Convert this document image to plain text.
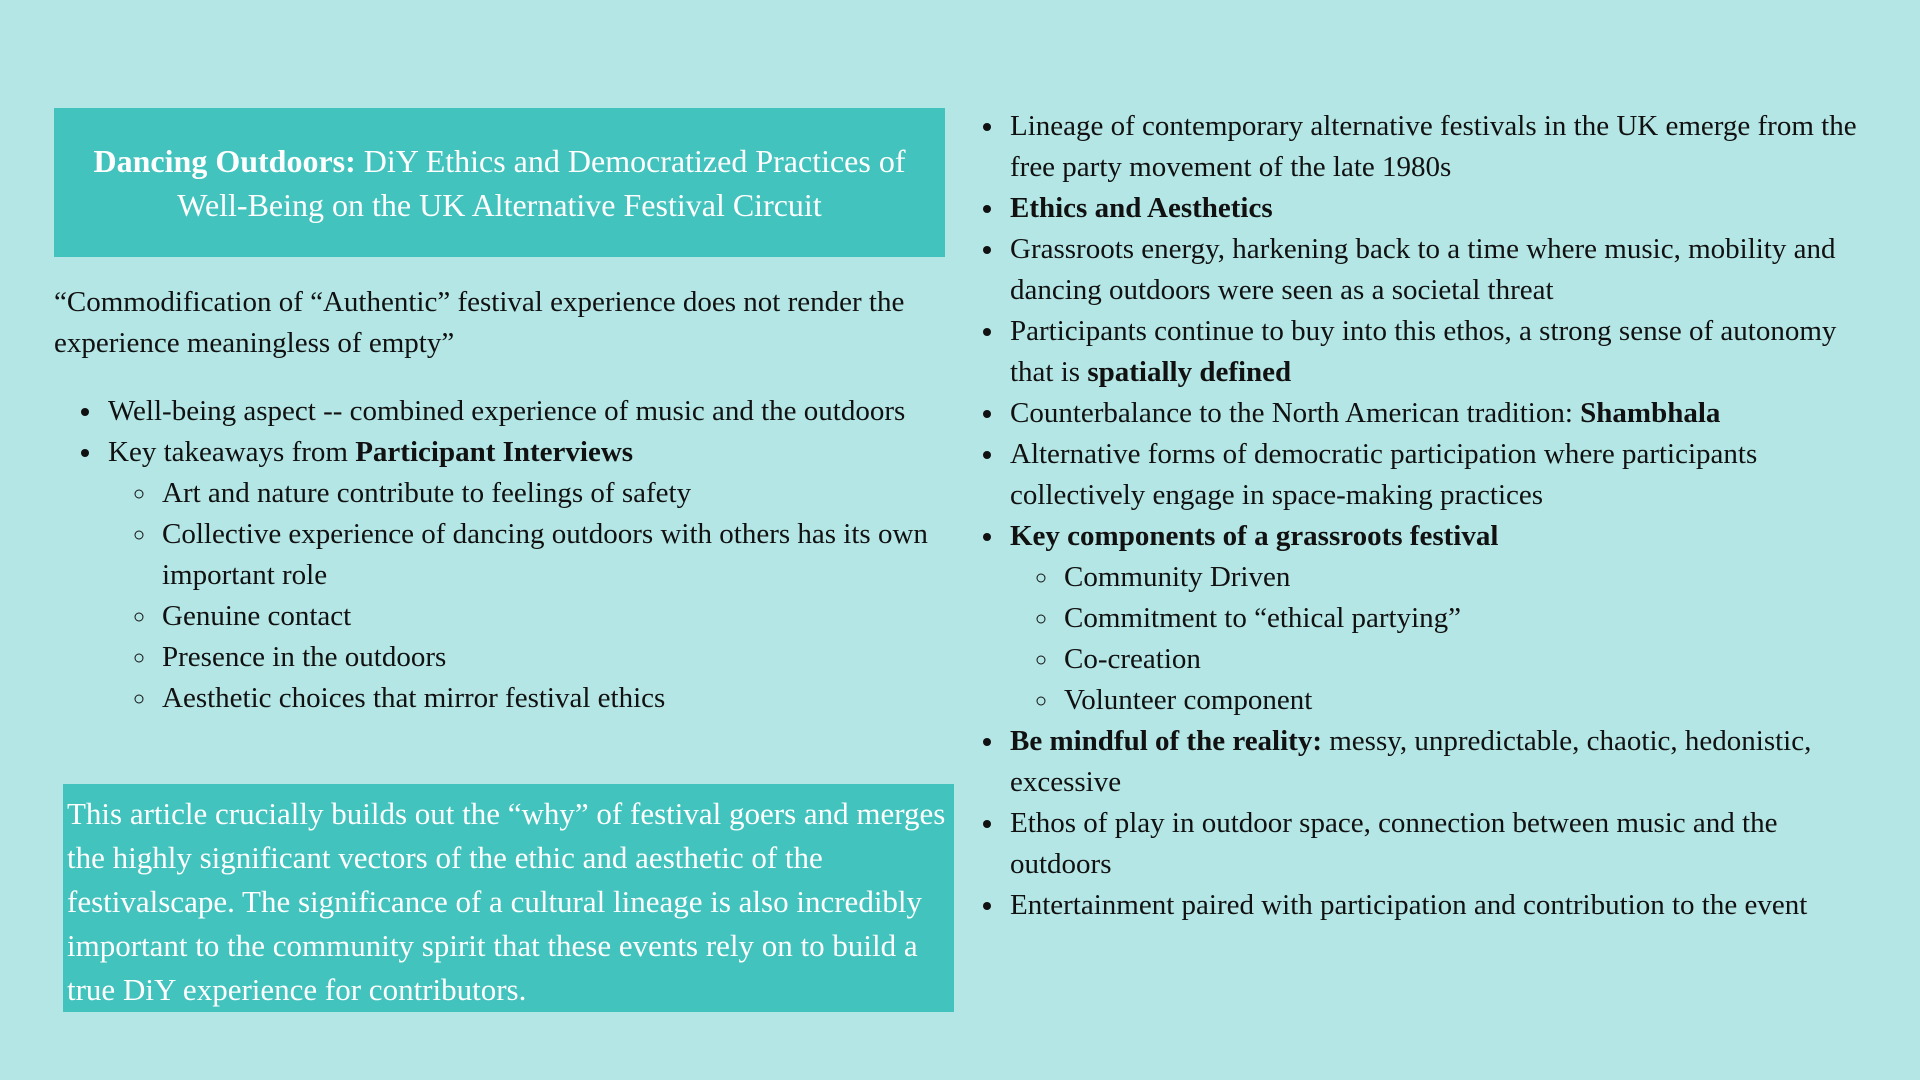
Dancing Outdoors: DiY Ethics and Democratized Practices of Well-Being on the UK Alternative Festival Circuit

“Commodification of “Authentic” festival experience does not render the experience meaningless of empty”

• Well-being aspect -- combined experience of music and the outdoors
• Key takeaways from Participant Interviews
◦ Art and nature contribute to feelings of safety
◦ Collective experience of dancing outdoors with others has its own important role
◦ Genuine contact
◦ Presence in the outdoors
◦ Aesthetic choices that mirror festival ethics

This article crucially builds out the “why” of festival goers and merges the highly significant vectors of the ethic and aesthetic of the festivalscape. The significance of a cultural lineage is also incredibly important to the community spirit that these events rely on to build a true DiY experience for contributors.

• Lineage of contemporary alternative festivals in the UK emerge from the free party movement of the late 1980s
• Ethics and Aesthetics
• Grassroots energy, harkening back to a time where music, mobility and dancing outdoors were seen as a societal threat
• Participants continue to buy into this ethos, a strong sense of autonomy that is spatially defined
• Counterbalance to the North American tradition: Shambhala
• Alternative forms of democratic participation where participants collectively engage in space-making practices
• Key components of a grassroots festival
◦ Community Driven
◦ Commitment to “ethical partying”
◦ Co-creation
◦ Volunteer component
• Be mindful of the reality: messy, unpredictable, chaotic, hedonistic, excessive
• Ethos of play in outdoor space, connection between music and the outdoors
• Entertainment paired with participation and contribution to the event
